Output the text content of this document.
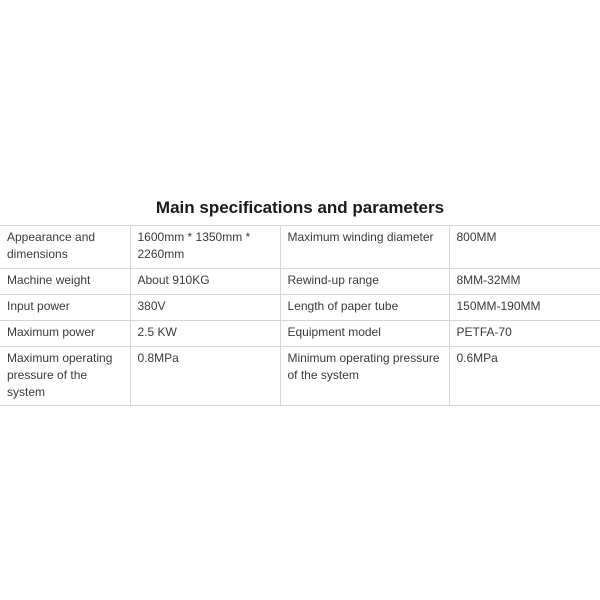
Main specifications and parameters
Appearance and dimensions	1600mm * 1350mm * 2260mm	Maximum winding diameter	800MM
Machine weight	About 910KG	Rewind-up range	8MM-32MM
Input power	380V	Length of paper tube	150MM-190MM
Maximum power	2.5 KW	Equipment model	PETFA-70
Maximum operating pressure of the system	0.8MPa	Minimum operating pressure of the system	0.6MPa
